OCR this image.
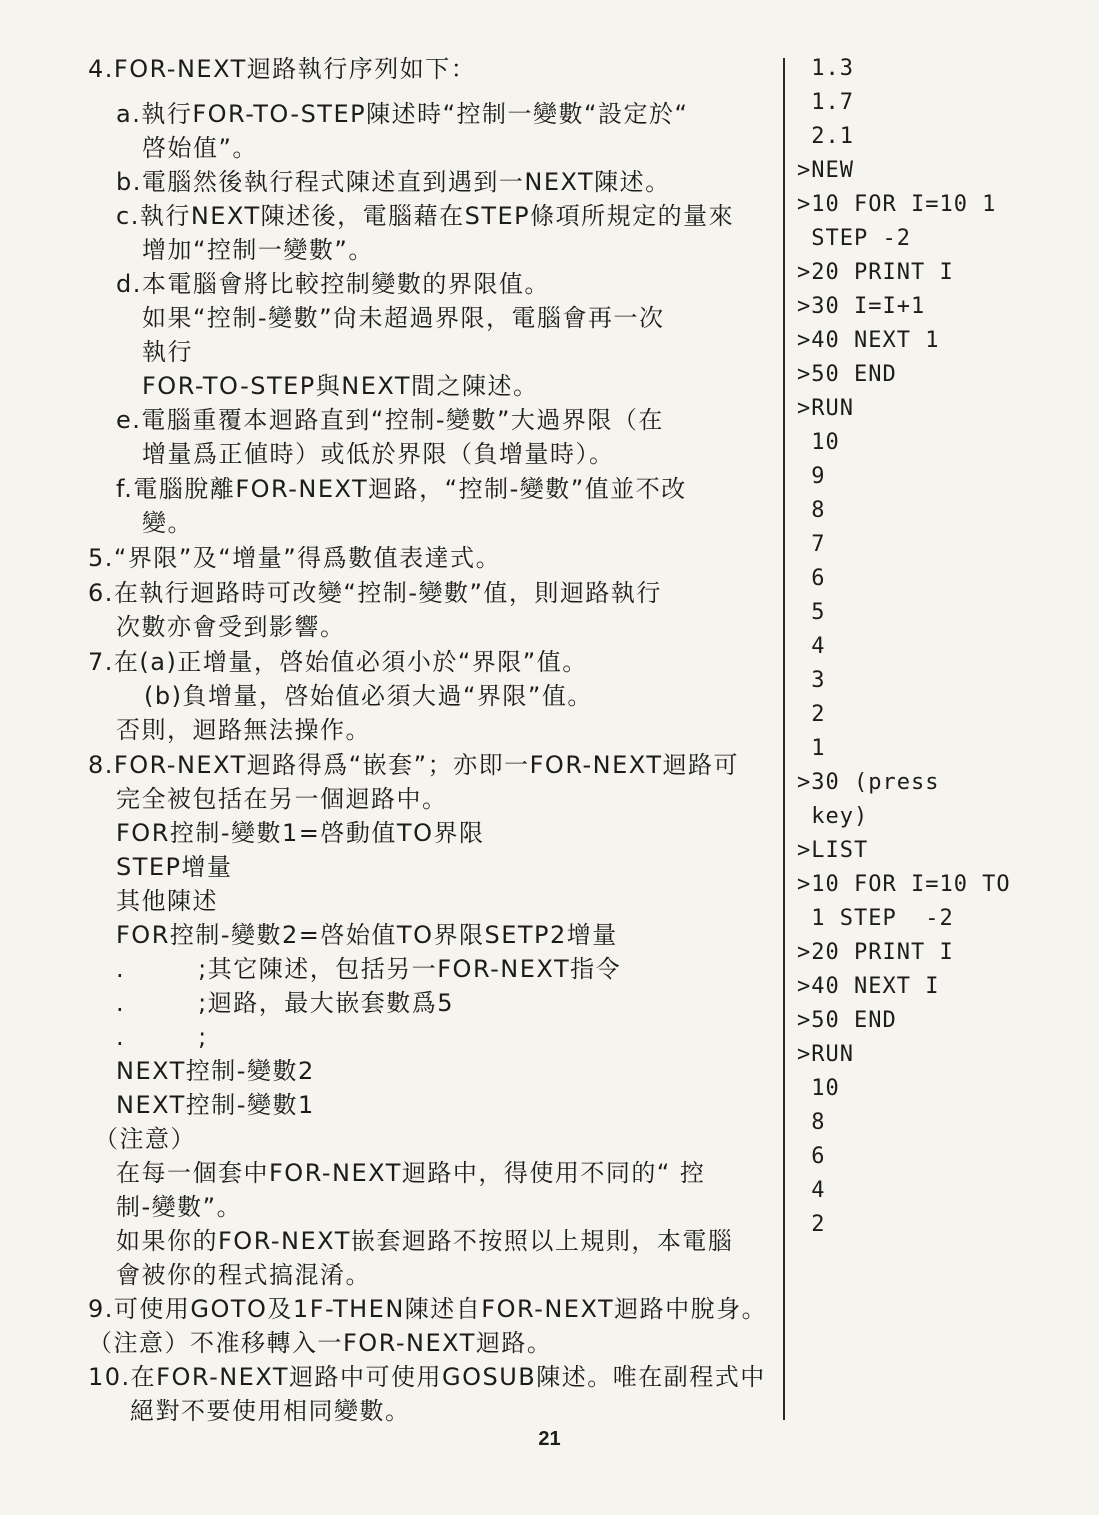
4.FOR-NEXT迴路執行序列如下：
a.執行FOR-TO-STEP陳述時“控制一變數“設定於“
啓始值”。
b.電腦然後執行程式陳述直到遇到一NEXT陳述。
c.執行NEXT陳述後，電腦藉在STEP條項所規定的量來
增加“控制一變數”。
d.本電腦會將比較控制變數的界限值。
如果“控制-變數”尙未超過界限，電腦會再一次
執行
FOR-TO-STEP與NEXT間之陳述。
e.電腦重覆本迴路直到“控制-變數”大過界限（在
增量爲正値時）或低於界限（負增量時）。
f.電腦脫離FOR-NEXT迴路，“控制-變數”值並不改
變。
5.“界限”及“增量”得爲數值表達式。
6.在執行迴路時可改變“控制-變數”值，則迴路執行
次數亦會受到影響。
7.在(a)正增量，啓始值必須小於“界限”值。
(b)負增量，啓始值必須大過“界限”值。
否則，迴路無法操作。
8.FOR-NEXT迴路得爲“嵌套”；亦即一FOR-NEXT迴路可
完全被包括在另一個迴路中。
FOR控制-變數1=啓動值TO界限
STEP增量
其他陳述
FOR控制-變數2=啓始值TO界限SETP2增量
.        ;其它陳述，包括另一FOR-NEXT指令
.        ;迴路，最大嵌套數爲5
.        ;
NEXT控制-變數2
NEXT控制-變數1
（注意）
在每一個套中FOR-NEXT迴路中，得使用不同的“ 控
制-變數”。
如果你的FOR-NEXT嵌套迴路不按照以上規則，本電腦
會被你的程式搞混淆。
9.可使用GOTO及1F-THEN陳述自FOR-NEXT迴路中脫身。
（注意）不准移轉入一FOR-NEXT迴路。
10.在FOR-NEXT迴路中可使用GOSUB陳述。唯在副程式中
絕對不要使用相同變數。
1.3
1.7
2.1
>NEW
>10 FOR I=10 1
STEP -2
>20 PRINT I
>30 I=I+1
>40 NEXT 1
>50 END
>RUN
10
9
8
7
6
5
4
3
2
1
>30 (press
key)
>LIST
>10 FOR I=10 TO
1 STEP  -2
>20 PRINT I
>40 NEXT I
>50 END
>RUN
10
8
6
4
2
21
